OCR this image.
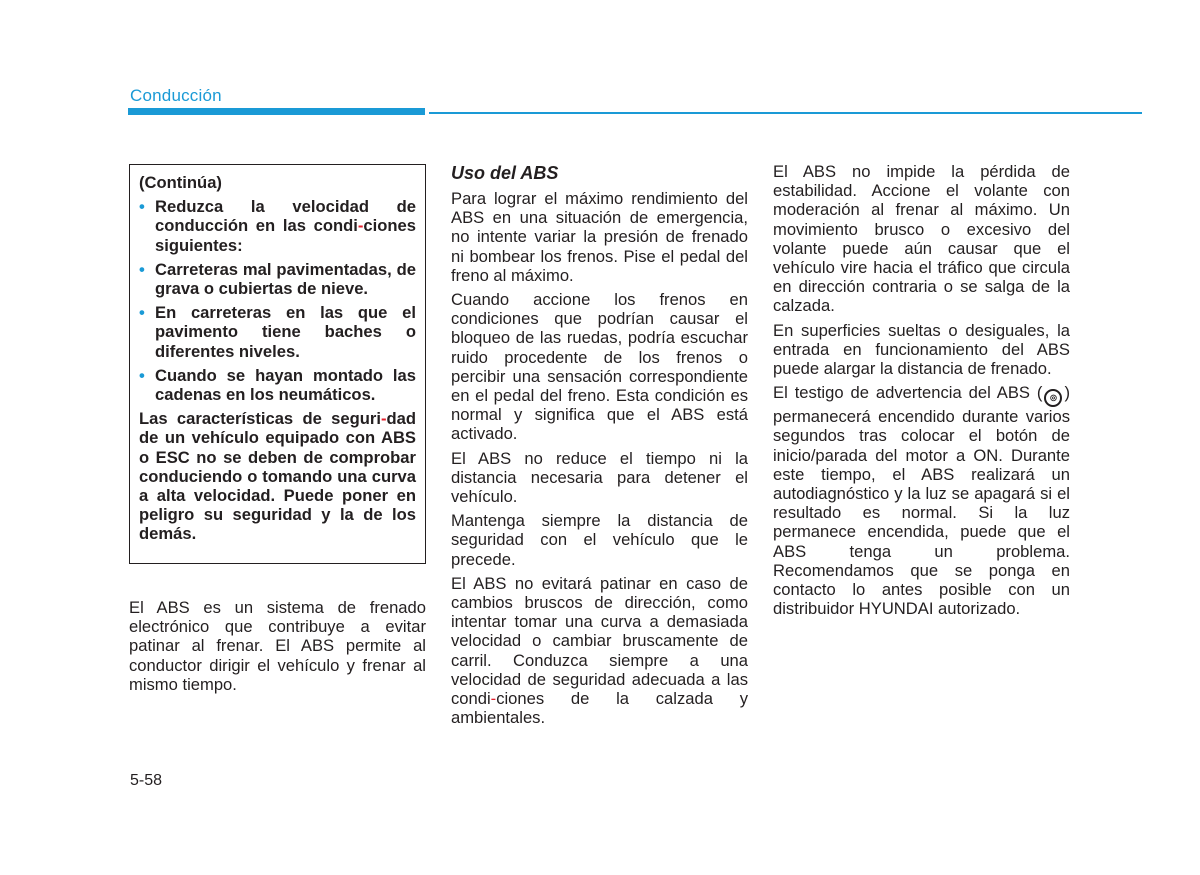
Conducción

(Continúa)

• Reduzca la velocidad de conducción en las condi-ciones siguientes:
• Carreteras mal pavimentadas, de grava o cubiertas de nieve.
• En carreteras en las que el pavimento tiene baches o diferentes niveles.
• Cuando se hayan montado las cadenas en los neumáticos.

Las características de seguri-dad de un vehículo equipado con ABS o ESC no se deben de comprobar conduciendo o tomando una curva a alta velocidad. Puede poner en peligro su seguridad y la de los demás.

El ABS es un sistema de frenado electrónico que contribuye a evitar patinar al frenar. El ABS permite al conductor dirigir el vehículo y frenar al mismo tiempo.

Uso del ABS

Para lograr el máximo rendimiento del ABS en una situación de emergencia, no intente variar la presión de frenado ni bombear los frenos. Pise el pedal del freno al máximo.

Cuando accione los frenos en condiciones que podrían causar el bloqueo de las ruedas, podría escuchar ruido procedente de los frenos o percibir una sensación correspondiente en el pedal del freno. Esta condición es normal y significa que el ABS está activado.

El ABS no reduce el tiempo ni la distancia necesaria para detener el vehículo.

Mantenga siempre la distancia de seguridad con el vehículo que le precede.

El ABS no evitará patinar en caso de cambios bruscos de dirección, como intentar tomar una curva a demasiada velocidad o cambiar bruscamente de carril. Conduzca siempre a una velocidad de seguridad adecuada a las condi-ciones de la calzada y ambientales.

El ABS no impide la pérdida de estabilidad. Accione el volante con moderación al frenar al máximo. Un movimiento brusco o excesivo del volante puede aún causar que el vehículo vire hacia el tráfico que circula en dirección contraria o se salga de la calzada.

En superficies sueltas o desiguales, la entrada en funcionamiento del ABS puede alargar la distancia de frenado.

El testigo de advertencia del ABS ( ◎ ) permanecerá encendido durante varios segundos tras colocar el botón de inicio/parada del motor a ON. Durante este tiempo, el ABS realizará un autodiagnóstico y la luz se apagará si el resultado es normal. Si la luz permanece encendida, puede que el ABS tenga un problema. Recomendamos que se ponga en contacto lo antes posible con un distribuidor HYUNDAI autorizado.

5-58
